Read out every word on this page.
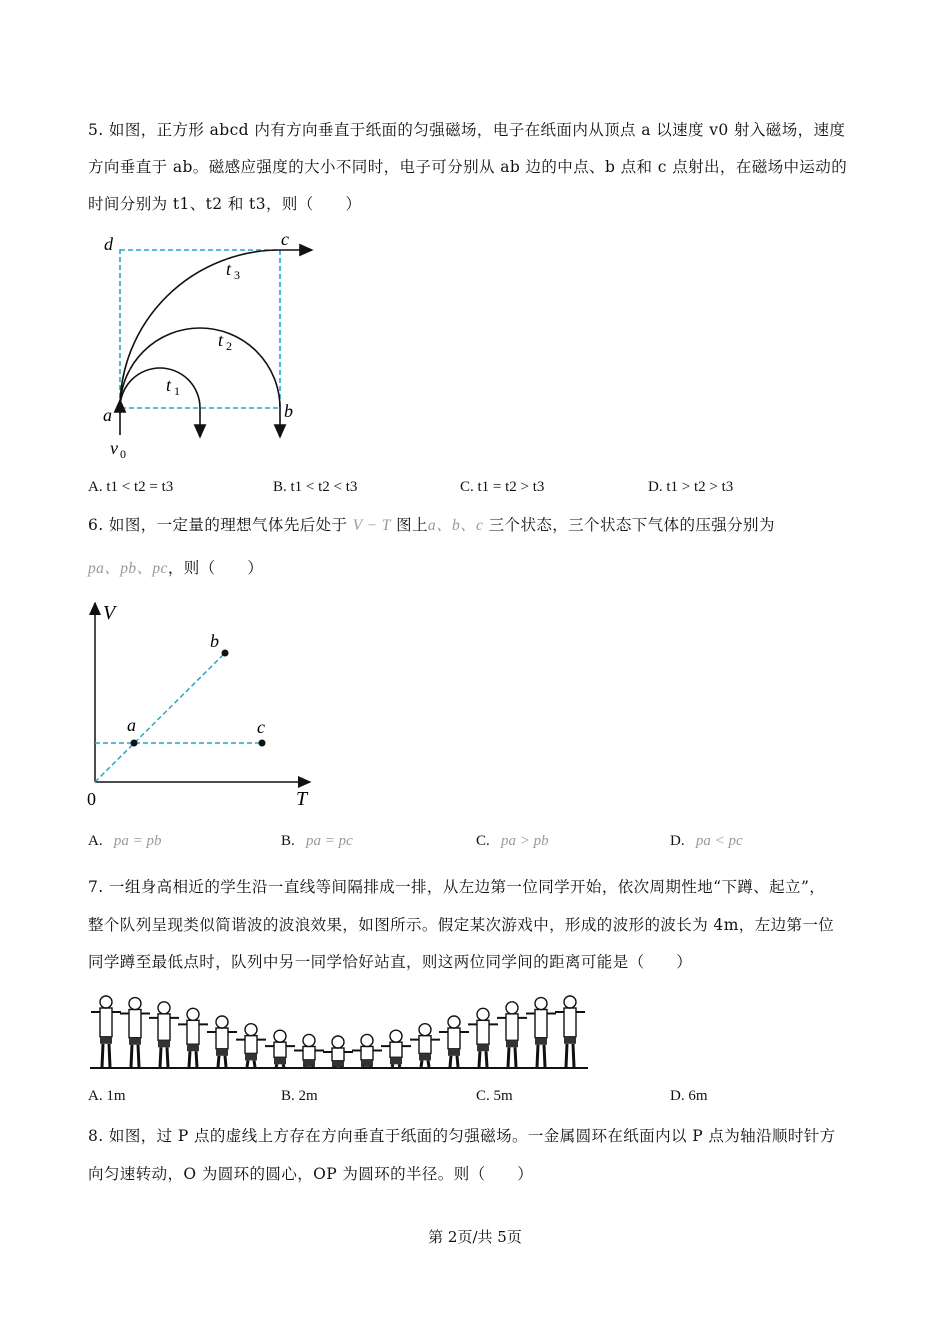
5. 如图，正方形 abcd 内有方向垂直于纸面的匀强磁场，电子在纸面内从顶点 a 以速度 v0 射入磁场，速度
方向垂直于 ab。磁感应强度的大小不同时，电子可分别从 ab 边的中点、b 点和 c 点射出，在磁场中运动的
时间分别为 t1、t2 和 t3，则（　　）
d	c
a	b
v 0
t 1
t 2
t 3
A. t1 < t2 = t3	B. t1 < t2 < t3	C. t1 = t2 > t3	D. t1 > t2 > t3
6. 如图，一定量的理想气体先后处于 V − T 图上a、b、c 三个状态，三个状态下气体的压强分别为
pa、pb、pc，则（　　）
V
T
0
a
b
c
A. pa = pb	B. pa = pc	C. pa > pb	D. pa < pc
7. 一组身高相近的学生沿一直线等间隔排成一排，从左边第一位同学开始，依次周期性地“下蹲、起立”，
整个队列呈现类似简谐波的波浪效果，如图所示。假定某次游戏中，形成的波形的波长为 4m，左边第一位
同学蹲至最低点时，队列中另一同学恰好站直，则这两位同学间的距离可能是（　　）
A. 1m	B. 2m	C. 5m	D. 6m
8. 如图，过 P 点的虚线上方存在方向垂直于纸面的匀强磁场。一金属圆环在纸面内以 P 点为轴沿顺时针方
向匀速转动，O 为圆环的圆心，OP 为圆环的半径。则（　　）
第 2页/共 5页
